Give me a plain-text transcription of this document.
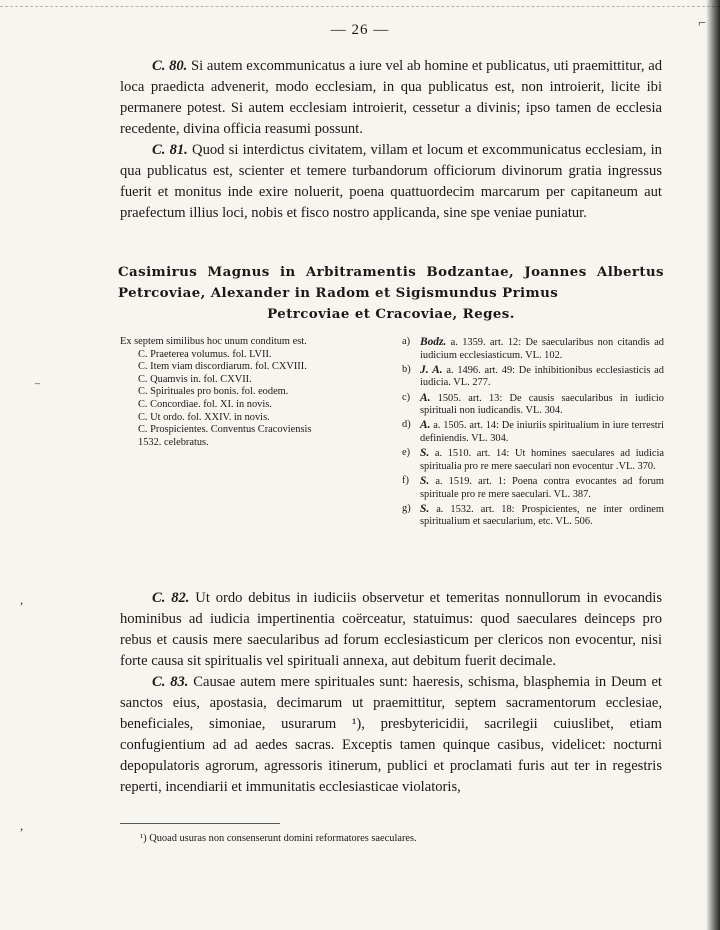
⌐
— 26 —

C. 80. Si autem excommunicatus a iure vel ab homine et publicatus, uti praemittitur, ad loca praedicta advenerit, modo ecclesiam, in qua publicatus est, non introierit, licite ibi permanere potest. Si autem ecclesiam introierit, cessetur a divinis; ipso tamen de ecclesia recedente, divina officia reasumi possunt.

C. 81. Quod si interdictus civitatem, villam et locum et excommunicatus ecclesiam, in qua publicatus est, scienter et temere turbandorum officiorum divinorum gratia ingressus fuerit et monitus inde exire noluerit, poena quattuordecim marcarum per capitaneum aut praefectum illius loci, nobis et fisco nostro applicanda, sine spe veniae puniatur.

Casimirus Magnus in Arbitramentis Bodzantae, Joannes Albertus Petrcoviae, Alexander in Radom et Sigismundus Primus
Petrcoviae et Cracoviae, Reges.

Ex septem similibus hoc unum conditum est.

C. Praeterea volumus. fol. LVII.

C. Item viam discordiarum. fol. CXVIII.

C. Quamvis in. fol. CXVII.

C. Spirituales pro bonis. fol. eodem.

C. Concordiae. fol. XI. in novis.

C. Ut ordo. fol. XXIV. in novis.

C. Prospicientes. Conventus Cracoviensis

1532. celebratus.

a) Bodz. a. 1359. art. 12: De saecularibus non citandis ad iudicium ecclesiasticum. VL. 102.
b) J. A. a. 1496. art. 49: De inhibitionibus ecclesiasticis ad iudicia. VL. 277.
c) A. 1505. art. 13: De causis saecularibus in iudicio spirituali non iudicandis. VL. 304.
d) A. a. 1505. art. 14: De iniuriis spiritualium in iure terrestri definiendis. VL. 304.
e) S. a. 1510. art. 14: Ut homines saeculares ad iudicia spiritualia pro re mere saeculari non evocentur .VL. 370.
f) S. a. 1519. art. 1: Poena contra evocantes ad forum spirituale pro re mere saeculari. VL. 387.
g) S. a. 1532. art. 18: Prospicientes, ne inter ordinem spiritualium et saecularium, etc. VL. 506.

C. 82. Ut ordo debitus in iudiciis observetur et temeritas nonnullorum in evocandis hominibus ad iudicia impertinentia coërceatur, statuimus: quod saeculares deinceps pro rebus et causis mere saecularibus ad forum ecclesiasticum per clericos non evocentur, nisi forte causa sit spiritualis vel spirituali annexa, aut debitum fuerit decimale.

C. 83. Causae autem mere spirituales sunt: haeresis, schisma, blasphemia in Deum et sanctos eius, apostasia, decimarum ut praemittitur, septem sacramentorum ecclesiae, beneficiales, simoniae, usurarum ¹), presbytericidii, sacrilegii cuiuslibet, etiam confugientium ad ad aedes sacras. Exceptis tamen quinque casibus, videlicet: nocturni depopulatoris agrorum, agressoris itinerum, publici et proclamati furis aut ter in regestris reperti, incendiarii et immunitatis ecclesiasticae violatoris,

¹) Quoad usuras non consenserunt domini reformatores saeculares.
⁻
,
,
